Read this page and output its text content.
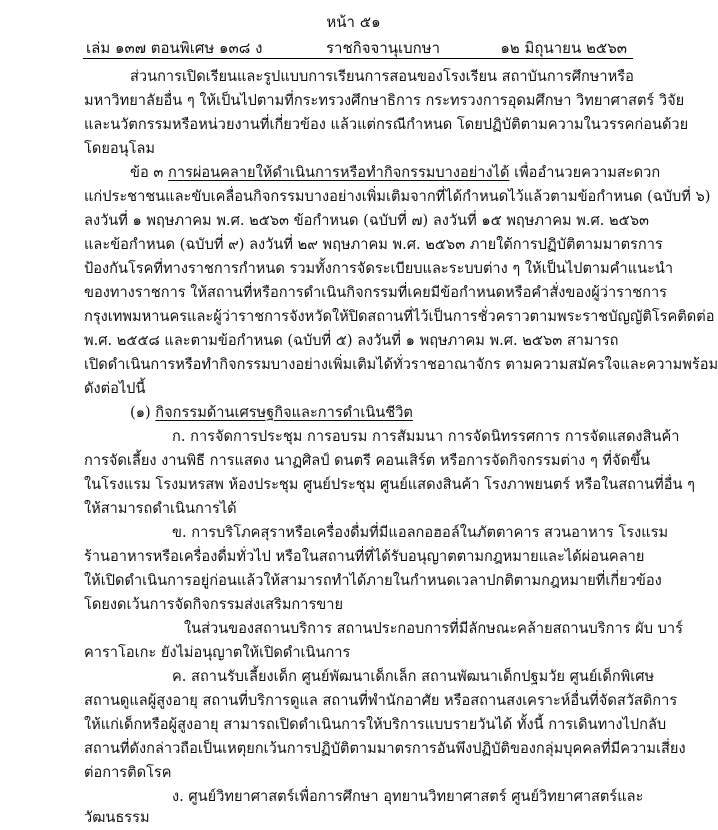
หน้า ๕๑
เล่ม ๑๓๗ ตอนพิเศษ ๑๓๘ ง	ราชกิจจานุเบกษา	๑๒ มิถุนายน ๒๕๖๓
ส่วนการเปิดเรียนและรูปแบบการเรียนการสอนของโรงเรียน สถาบันการศึกษาหรือ
มหาวิทยาลัยอื่น ๆ ให้เป็นไปตามที่กระทรวงศึกษาธิการ กระทรวงการอุดมศึกษา วิทยาศาสตร์ วิจัย
และนวัตกรรมหรือหน่วยงานที่เกี่ยวข้อง แล้วแต่กรณีกำหนด โดยปฏิบัติตามความในวรรคก่อนด้วย
โดยอนุโลม
ข้อ ๓ การผ่อนคลายให้ดำเนินการหรือทำกิจกรรมบางอย่างได้ เพื่ออำนวยความสะดวก
แก่ประชาชนและขับเคลื่อนกิจกรรมบางอย่างเพิ่มเติมจากที่ได้กำหนดไว้แล้วตามข้อกำหนด (ฉบับที่ ๖)
ลงวันที่ ๑ พฤษภาคม พ.ศ. ๒๕๖๓ ข้อกำหนด (ฉบับที่ ๗) ลงวันที่ ๑๕ พฤษภาคม พ.ศ. ๒๕๖๓
และข้อกำหนด (ฉบับที่ ๙) ลงวันที่ ๒๙ พฤษภาคม พ.ศ. ๒๕๖๓ ภายใต้การปฏิบัติตามมาตรการ
ป้องกันโรคที่ทางราชการกำหนด รวมทั้งการจัดระเบียบและระบบต่าง ๆ ให้เป็นไปตามคำแนะนำ
ของทางราชการ ให้สถานที่หรือการดำเนินกิจกรรมที่เคยมีข้อกำหนดหรือคำสั่งของผู้ว่าราชการ
กรุงเทพมหานครและผู้ว่าราชการจังหวัดให้ปิดสถานที่ไว้เป็นการชั่วคราวตามพระราชบัญญัติโรคติดต่อ
พ.ศ. ๒๕๕๘ และตามข้อกำหนด (ฉบับที่ ๕) ลงวันที่ ๑ พฤษภาคม พ.ศ. ๒๕๖๓ สามารถ
เปิดดำเนินการหรือทำกิจกรรมบางอย่างเพิ่มเติมได้ทั่วราชอาณาจักร ตามความสมัครใจและความพร้อม
ดังต่อไปนี้
(๑) กิจกรรมด้านเศรษฐกิจและการดำเนินชีวิต
ก. การจัดการประชุม การอบรม การสัมมนา การจัดนิทรรศการ การจัดแสดงสินค้า
การจัดเลี้ยง งานพิธี การแสดง นาฏศิลป์ ดนตรี คอนเสิร์ต หรือการจัดกิจกรรมต่าง ๆ ที่จัดขึ้น
ในโรงแรม โรงมหรสพ ห้องประชุม ศูนย์ประชุม ศูนย์แสดงสินค้า โรงภาพยนตร์ หรือในสถานที่อื่น ๆ
ให้สามารถดำเนินการได้
ข. การบริโภคสุราหรือเครื่องดื่มที่มีแอลกอฮอล์ในภัตตาคาร สวนอาหาร โรงแรม
ร้านอาหารหรือเครื่องดื่มทั่วไป หรือในสถานที่ที่ได้รับอนุญาตตามกฎหมายและได้ผ่อนคลาย
ให้เปิดดำเนินการอยู่ก่อนแล้วให้สามารถทำได้ภายในกำหนดเวลาปกติตามกฎหมายที่เกี่ยวข้อง
โดยงดเว้นการจัดกิจกรรมส่งเสริมการขาย
ในส่วนของสถานบริการ สถานประกอบการที่มีลักษณะคล้ายสถานบริการ ผับ บาร์
คาราโอเกะ ยังไม่อนุญาตให้เปิดดำเนินการ
ค. สถานรับเลี้ยงเด็ก ศูนย์พัฒนาเด็กเล็ก สถานพัฒนาเด็กปฐมวัย ศูนย์เด็กพิเศษ
สถานดูแลผู้สูงอายุ สถานที่บริการดูแล สถานที่พำนักอาศัย หรือสถานสงเคราะห์อื่นที่จัดสวัสดิการ
ให้แก่เด็กหรือผู้สูงอายุ สามารถเปิดดำเนินการให้บริการแบบรายวันได้ ทั้งนี้ การเดินทางไปกลับ
สถานที่ดังกล่าวถือเป็นเหตุยกเว้นการปฏิบัติตามมาตรการอันพึงปฏิบัติของกลุ่มบุคคลที่มีความเสี่ยง
ต่อการติดโรค
ง. ศูนย์วิทยาศาสตร์เพื่อการศึกษา อุทยานวิทยาศาสตร์ ศูนย์วิทยาศาสตร์และ
วัฒนธรรม
